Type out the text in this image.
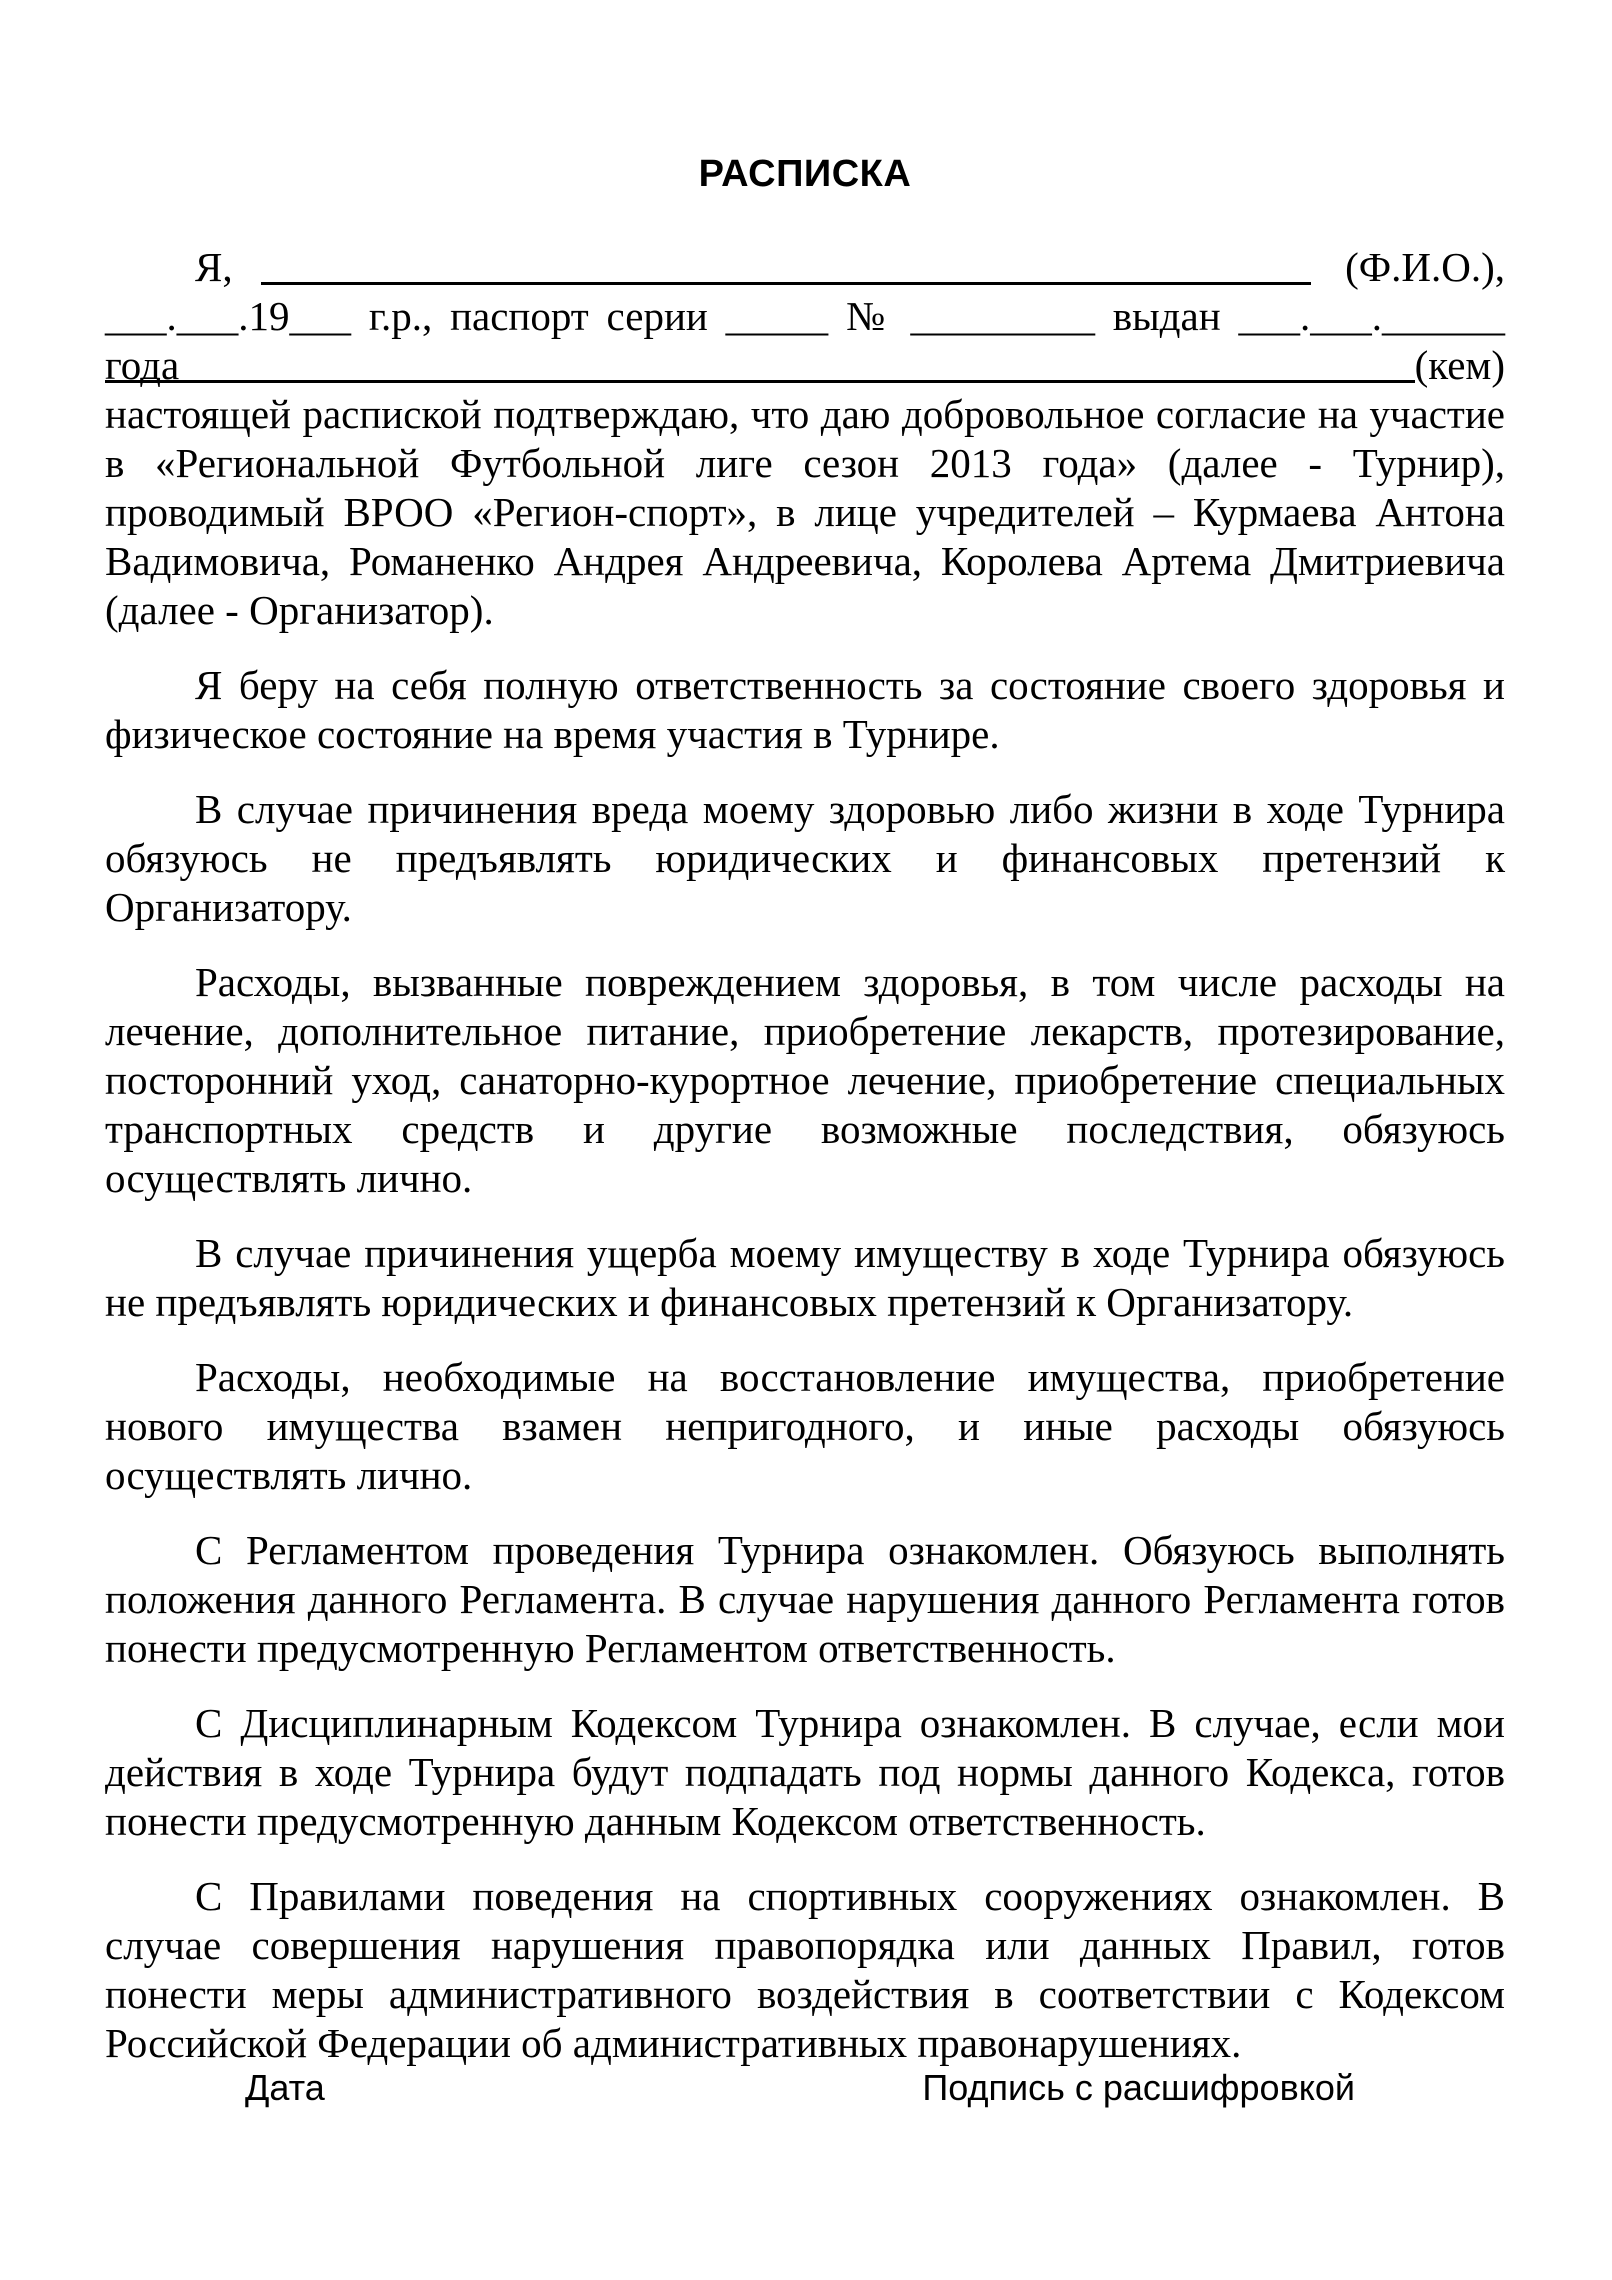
РАСПИСКА
Я,	(Ф.И.О.),
___.___.19___ г.р., паспорт серии _____ № _________ выдан ___.___.______ года	(кем)
настоящей распиской подтверждаю, что даю добровольное согласие на участие в «Региональной Футбольной лиге сезон 2013 года» (далее - Турнир), проводимый ВРОО «Регион-спорт», в лице учредителей – Курмаева Антона Вадимовича, Романенко Андрея Андреевича, Королева Артема Дмитриевича (далее - Организатор).
Я беру на себя полную ответственность за состояние своего здоровья и физическое состояние на время участия в Турнире.
В случае причинения вреда моему здоровью либо жизни в ходе Турнира обязуюсь не предъявлять юридических и финансовых претензий к Организатору.
Расходы, вызванные повреждением здоровья, в том числе расходы на лечение, дополнительное питание, приобретение лекарств, протезирование, посторонний уход, санаторно-курортное лечение, приобретение специальных транспортных средств и другие возможные последствия, обязуюсь осуществлять лично.
В случае причинения ущерба моему имуществу в ходе Турнира обязуюсь не предъявлять юридических и финансовых претензий к Организатору.
Расходы, необходимые на восстановление имущества, приобретение нового имущества взамен непригодного, и иные расходы обязуюсь осуществлять лично.
С Регламентом проведения Турнира ознакомлен. Обязуюсь выполнять положения данного Регламента. В случае нарушения данного Регламента готов понести предусмотренную Регламентом ответственность.
С Дисциплинарным Кодексом Турнира ознакомлен. В случае, если мои действия в ходе Турнира будут подпадать под нормы данного Кодекса, готов понести предусмотренную данным Кодексом ответственность.
С Правилами поведения на спортивных сооружениях ознакомлен. В случае совершения нарушения правопорядка или данных Правил, готов понести меры административного воздействия в соответствии с Кодексом Российской Федерации об административных правонарушениях.
Дата	Подпись с расшифровкой
